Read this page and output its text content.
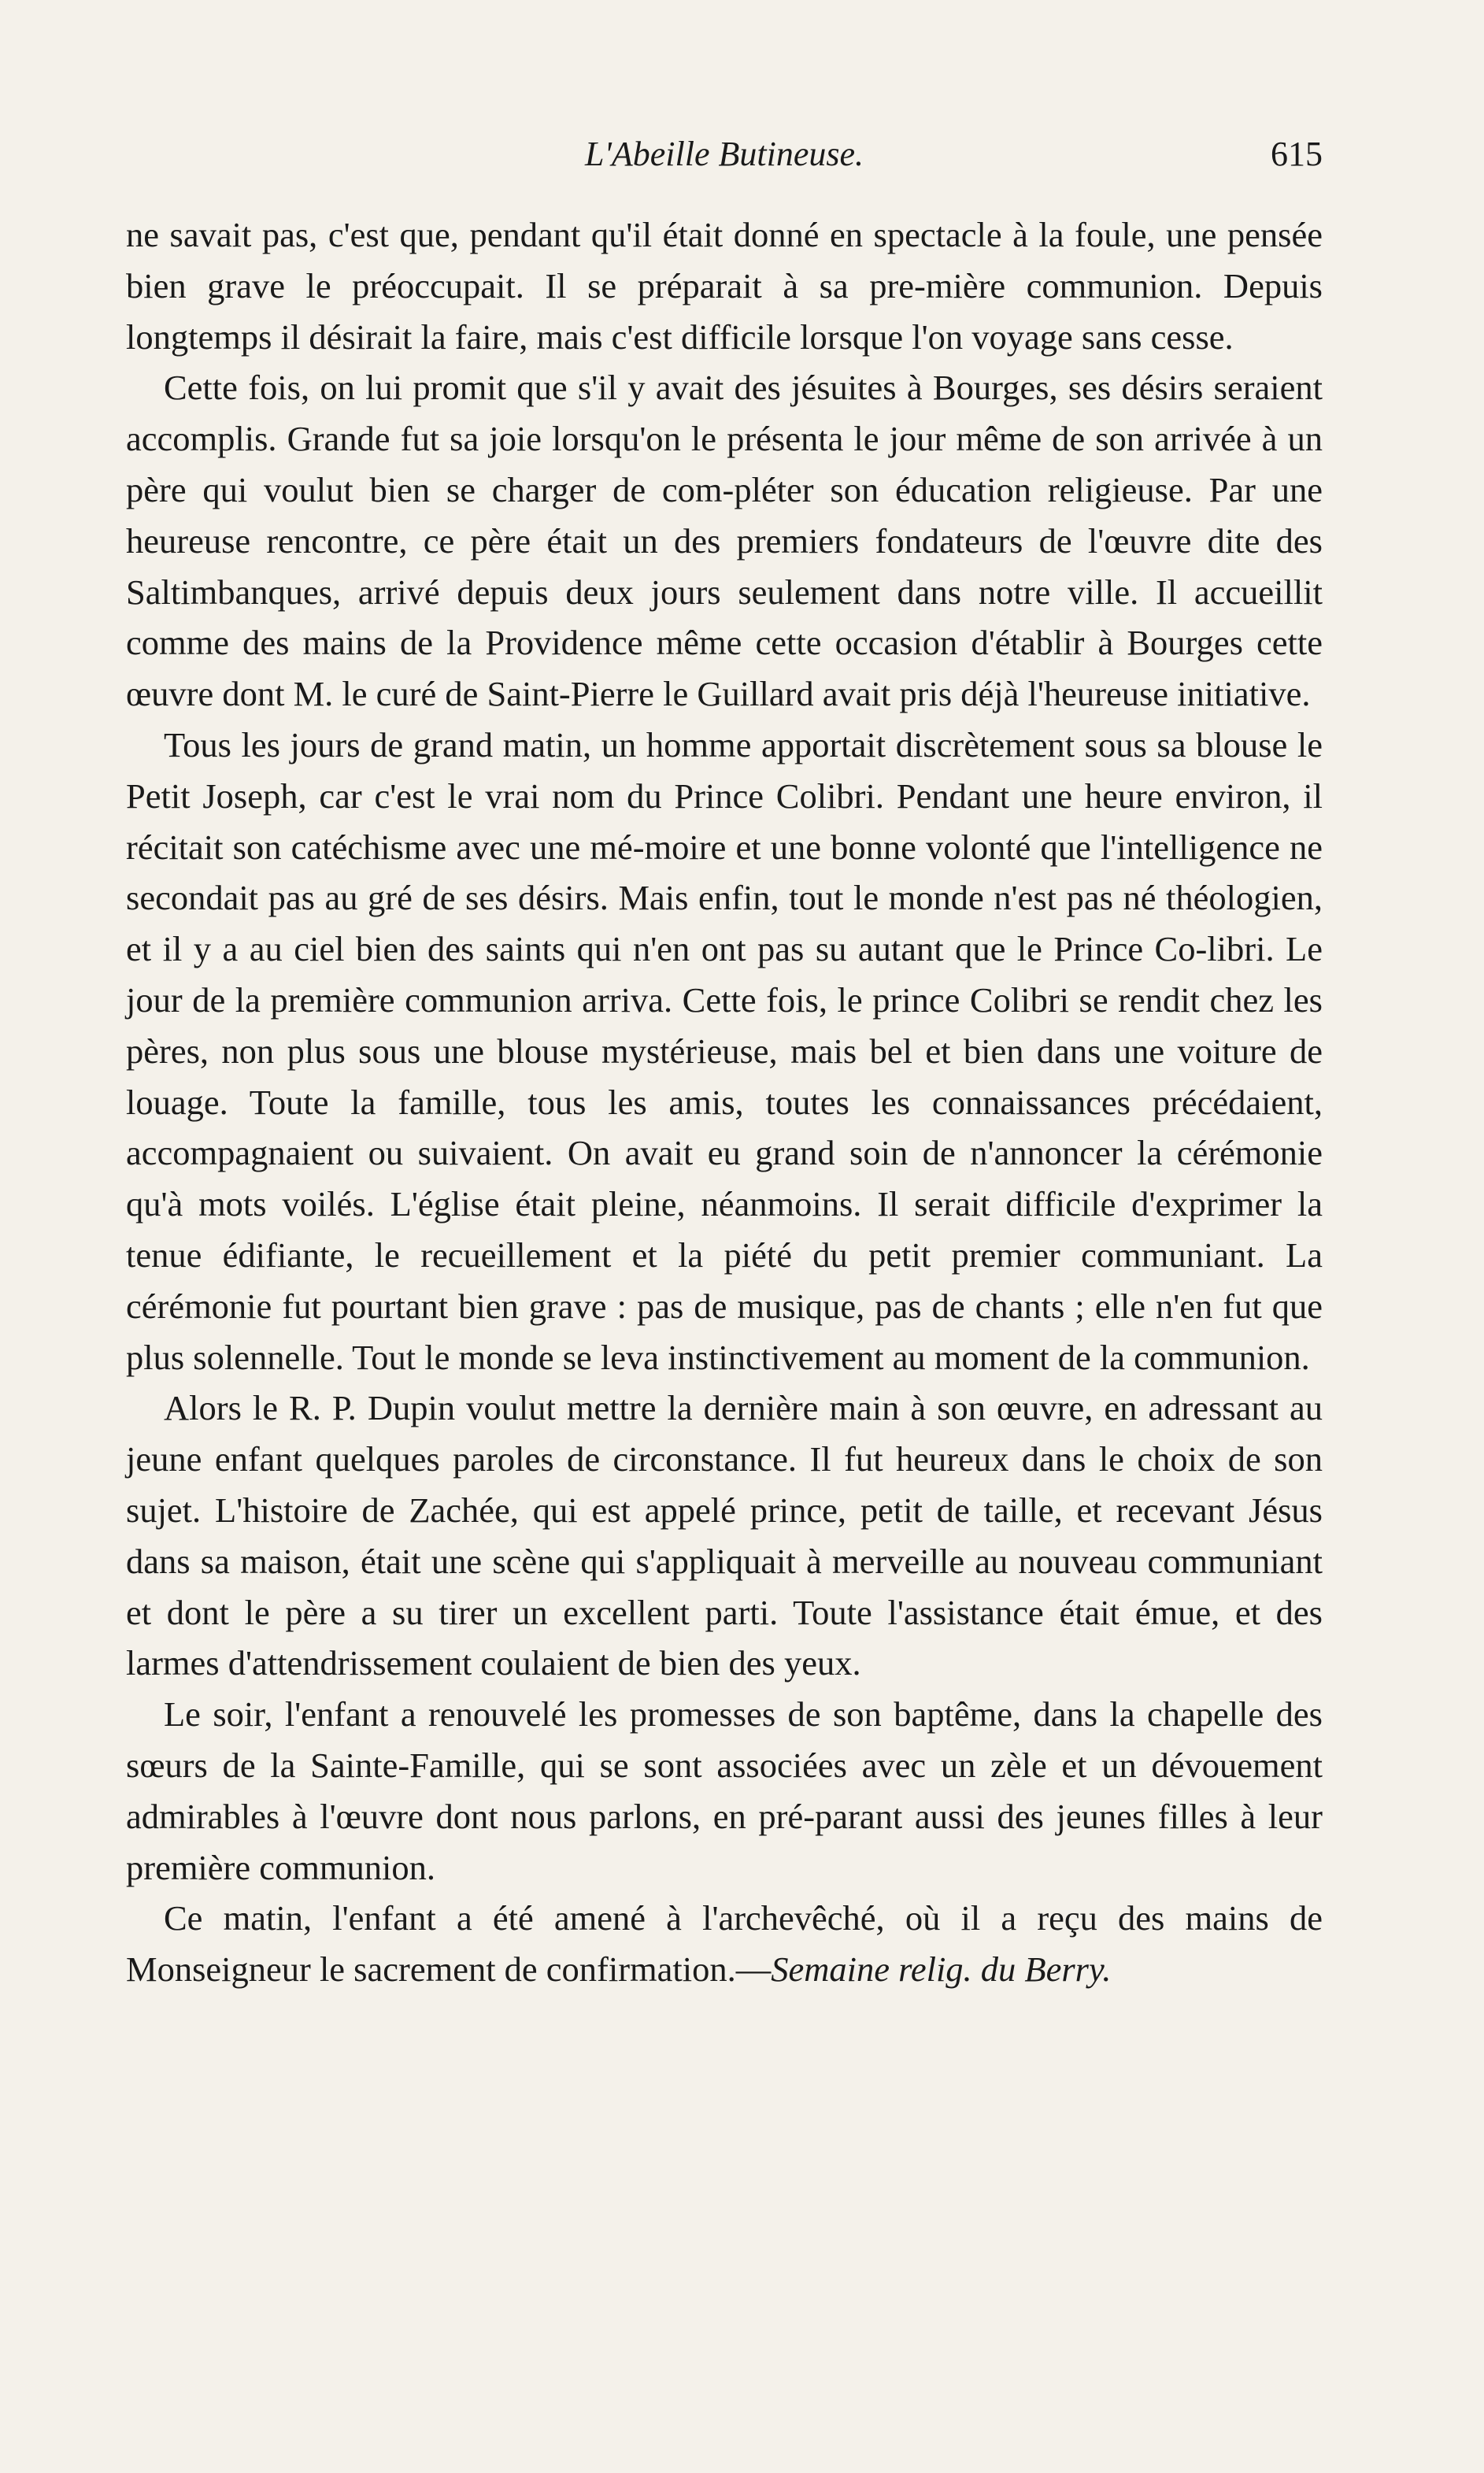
L'Abeille Butineuse.	615

ne savait pas, c'est que, pendant qu'il était donné en spectacle à la foule, une pensée bien grave le préoccupait. Il se préparait à sa pre-mière communion. Depuis longtemps il désirait la faire, mais c'est difficile lorsque l'on voyage sans cesse.

Cette fois, on lui promit que s'il y avait des jésuites à Bourges, ses désirs seraient accomplis. Grande fut sa joie lorsqu'on le présenta le jour même de son arrivée à un père qui voulut bien se charger de com-pléter son éducation religieuse. Par une heureuse rencontre, ce père était un des premiers fondateurs de l'œuvre dite des Saltimbanques, arrivé depuis deux jours seulement dans notre ville. Il accueillit comme des mains de la Providence même cette occasion d'établir à Bourges cette œuvre dont M. le curé de Saint-Pierre le Guillard avait pris déjà l'heureuse initiative.

Tous les jours de grand matin, un homme apportait discrètement sous sa blouse le Petit Joseph, car c'est le vrai nom du Prince Colibri. Pendant une heure environ, il récitait son catéchisme avec une mé-moire et une bonne volonté que l'intelligence ne secondait pas au gré de ses désirs. Mais enfin, tout le monde n'est pas né théologien, et il y a au ciel bien des saints qui n'en ont pas su autant que le Prince Co-libri. Le jour de la première communion arriva. Cette fois, le prince Colibri se rendit chez les pères, non plus sous une blouse mystérieuse, mais bel et bien dans une voiture de louage. Toute la famille, tous les amis, toutes les connaissances précédaient, accompagnaient ou suivaient. On avait eu grand soin de n'annoncer la cérémonie qu'à mots voilés. L'église était pleine, néanmoins. Il serait difficile d'exprimer la tenue édifiante, le recueillement et la piété du petit premier communiant. La cérémonie fut pourtant bien grave : pas de musique, pas de chants ; elle n'en fut que plus solennelle. Tout le monde se leva instinctivement au moment de la communion.

Alors le R. P. Dupin voulut mettre la dernière main à son œuvre, en adressant au jeune enfant quelques paroles de circonstance. Il fut heureux dans le choix de son sujet. L'histoire de Zachée, qui est appelé prince, petit de taille, et recevant Jésus dans sa maison, était une scène qui s'appliquait à merveille au nouveau communiant et dont le père a su tirer un excellent parti. Toute l'assistance était émue, et des larmes d'attendrissement coulaient de bien des yeux.

Le soir, l'enfant a renouvelé les promesses de son baptême, dans la chapelle des sœurs de la Sainte-Famille, qui se sont associées avec un zèle et un dévouement admirables à l'œuvre dont nous parlons, en pré-parant aussi des jeunes filles à leur première communion.

Ce matin, l'enfant a été amené à l'archevêché, où il a reçu des mains de Monseigneur le sacrement de confirmation.—Semaine relig. du Berry.
